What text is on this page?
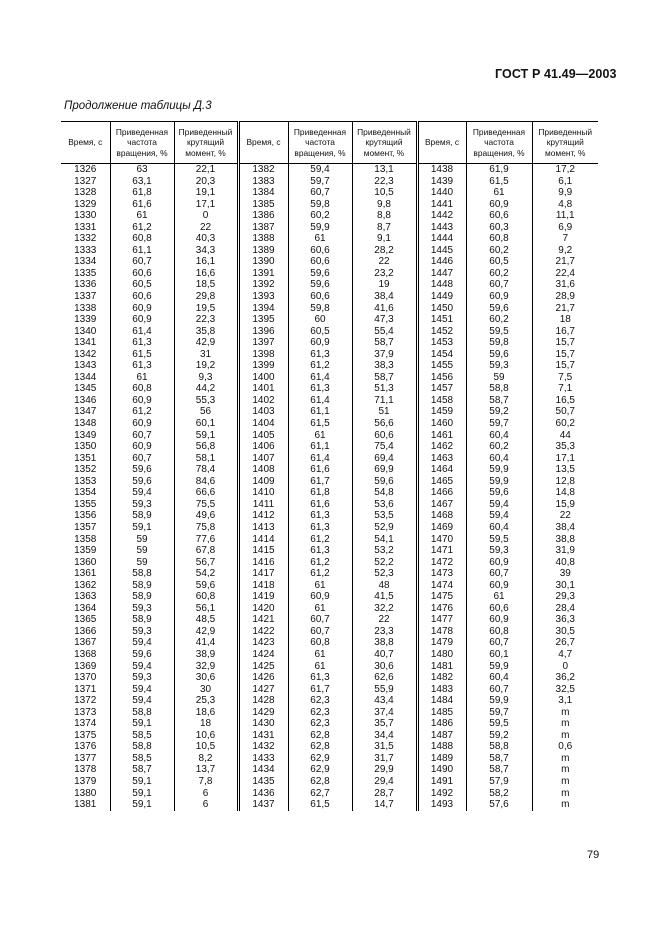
ГОСТ Р 41.49—2003
Продолжение таблицы Д.3
Время, с	Приведенная частота вращения, %	Приведенный крутящий момент, %	Время, с	Приведенная частота вращения, %	Приведенный крутящий момент, %	Время, с	Приведенная частота вращения, %	Приведенный крутящий момент, %
1326	63	22,1	1382	59,4	13,1	1438	61,9	17,2
1327	63,1	20,3	1383	59,7	22,3	1439	61,5	6,1
1328	61,8	19,1	1384	60,7	10,5	1440	61	9,9
1329	61,6	17,1	1385	59,8	9,8	1441	60,9	4,8
1330	61	0	1386	60,2	8,8	1442	60,6	11,1
1331	61,2	22	1387	59,9	8,7	1443	60,3	6,9
1332	60,8	40,3	1388	61	9,1	1444	60,8	7
1333	61,1	34,3	1389	60,6	28,2	1445	60,2	9,2
1334	60,7	16,1	1390	60,6	22	1446	60,5	21,7
1335	60,6	16,6	1391	59,6	23,2	1447	60,2	22,4
1336	60,5	18,5	1392	59,6	19	1448	60,7	31,6
1337	60,6	29,8	1393	60,6	38,4	1449	60,9	28,9
1338	60,9	19,5	1394	59,8	41,6	1450	59,6	21,7
1339	60,9	22,3	1395	60	47,3	1451	60,2	18
1340	61,4	35,8	1396	60,5	55,4	1452	59,5	16,7
1341	61,3	42,9	1397	60,9	58,7	1453	59,8	15,7
1342	61,5	31	1398	61,3	37,9	1454	59,6	15,7
1343	61,3	19,2	1399	61,2	38,3	1455	59,3	15,7
1344	61	9,3	1400	61,4	58,7	1456	59	7,5
1345	60,8	44,2	1401	61,3	51,3	1457	58,8	7,1
1346	60,9	55,3	1402	61,4	71,1	1458	58,7	16,5
1347	61,2	56	1403	61,1	51	1459	59,2	50,7
1348	60,9	60,1	1404	61,5	56,6	1460	59,7	60,2
1349	60,7	59,1	1405	61	60,6	1461	60,4	44
1350	60,9	56,8	1406	61,1	75,4	1462	60,2	35,3
1351	60,7	58,1	1407	61,4	69,4	1463	60,4	17,1
1352	59,6	78,4	1408	61,6	69,9	1464	59,9	13,5
1353	59,6	84,6	1409	61,7	59,6	1465	59,9	12,8
1354	59,4	66,6	1410	61,8	54,8	1466	59,6	14,8
1355	59,3	75,5	1411	61,6	53,6	1467	59,4	15,9
1356	58,9	49,6	1412	61,3	53,5	1468	59,4	22
1357	59,1	75,8	1413	61,3	52,9	1469	60,4	38,4
1358	59	77,6	1414	61,2	54,1	1470	59,5	38,8
1359	59	67,8	1415	61,3	53,2	1471	59,3	31,9
1360	59	56,7	1416	61,2	52,2	1472	60,9	40,8
1361	58,8	54,2	1417	61,2	52,3	1473	60,7	39
1362	58,9	59,6	1418	61	48	1474	60,9	30,1
1363	58,9	60,8	1419	60,9	41,5	1475	61	29,3
1364	59,3	56,1	1420	61	32,2	1476	60,6	28,4
1365	58,9	48,5	1421	60,7	22	1477	60,9	36,3
1366	59,3	42,9	1422	60,7	23,3	1478	60,8	30,5
1367	59,4	41,4	1423	60,8	38,8	1479	60,7	26,7
1368	59,6	38,9	1424	61	40,7	1480	60,1	4,7
1369	59,4	32,9	1425	61	30,6	1481	59,9	0
1370	59,3	30,6	1426	61,3	62,6	1482	60,4	36,2
1371	59,4	30	1427	61,7	55,9	1483	60,7	32,5
1372	59,4	25,3	1428	62,3	43,4	1484	59,9	3,1
1373	58,8	18,6	1429	62,3	37,4	1485	59,7	m
1374	59,1	18	1430	62,3	35,7	1486	59,5	m
1375	58,5	10,6	1431	62,8	34,4	1487	59,2	m
1376	58,8	10,5	1432	62,8	31,5	1488	58,8	0,6
1377	58,5	8,2	1433	62,9	31,7	1489	58,7	m
1378	58,7	13,7	1434	62,9	29,9	1490	58,7	m
1379	59,1	7,8	1435	62,8	29,4	1491	57,9	m
1380	59,1	6	1436	62,7	28,7	1492	58,2	m
1381	59,1	6	1437	61,5	14,7	1493	57,6	m
79
